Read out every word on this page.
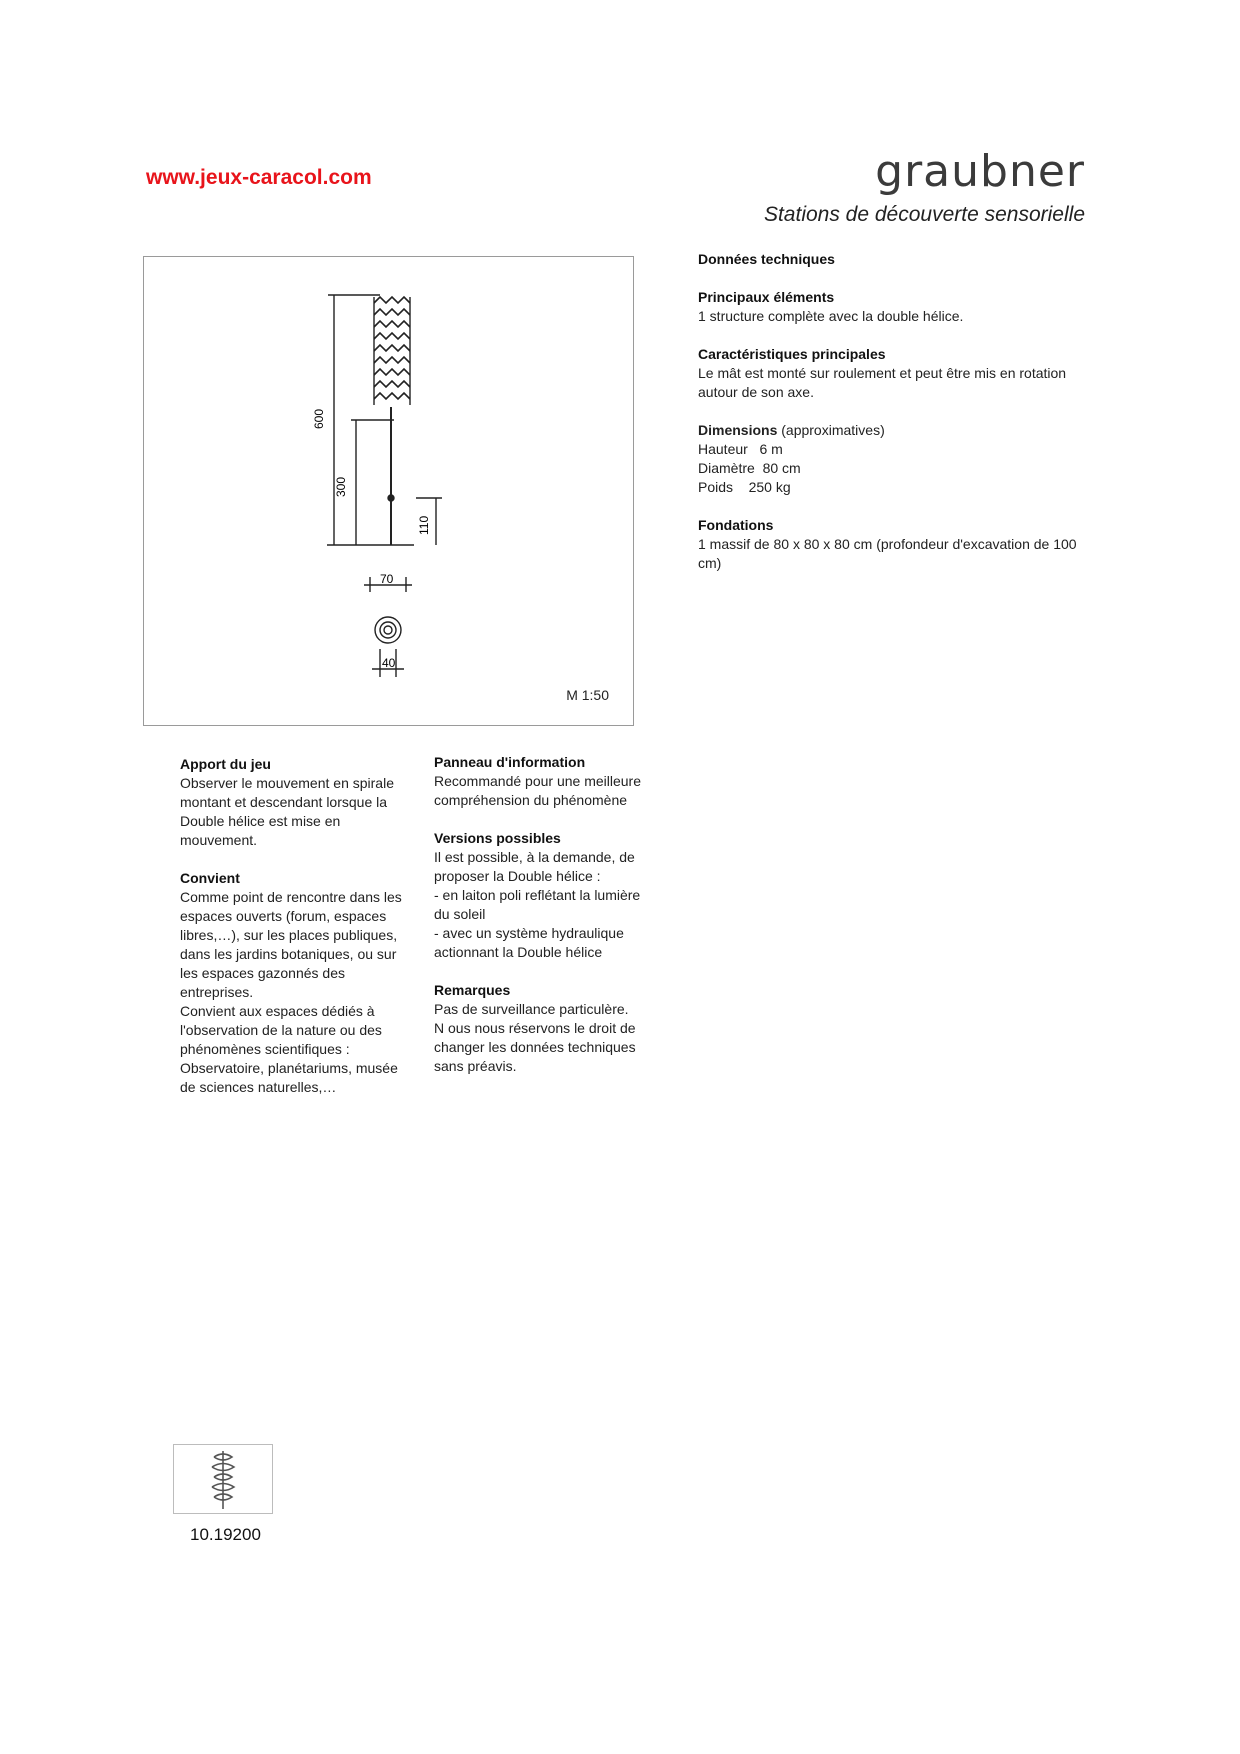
www.jeux-caracol.com	graubner
Stations de découverte sensorielle
600
300
110
70
40
M 1:50
Données techniques
Principaux éléments

1 structure complète avec la double hélice.

Caractéristiques principales

Le mât est monté sur roulement et peut être mis en rotation autour de son axe.

Dimensions (approximatives)

Hauteur   6 m

Diamètre  80 cm

Poids    250 kg

Fondations

1 massif de 80 x 80 x 80 cm (profondeur d'excavation de 100 cm)

Apport du jeu

Observer le mouvement en spirale montant et descendant lorsque la Double hélice est mise en mouvement.

Convient

Comme point de rencontre dans les espaces ouverts (forum, espaces libres,…), sur les places publiques, dans les jardins botaniques, ou sur les espaces gazonnés des entreprises.

Convient aux espaces dédiés à l'observation de la nature ou des phénomènes scientifiques : Observatoire, planétariums, musée de sciences naturelles,…

Panneau d'information

Recommandé pour une meilleure compréhension du phénomène

Versions possibles

Il est possible, à la demande, de proposer la Double hélice :

- en laiton poli reflétant la lumière du soleil

- avec un système hydraulique actionnant la Double hélice

Remarques

Pas de surveillance particulère.

N ous nous réservons le droit de changer les données techniques sans préavis.

10.19200
